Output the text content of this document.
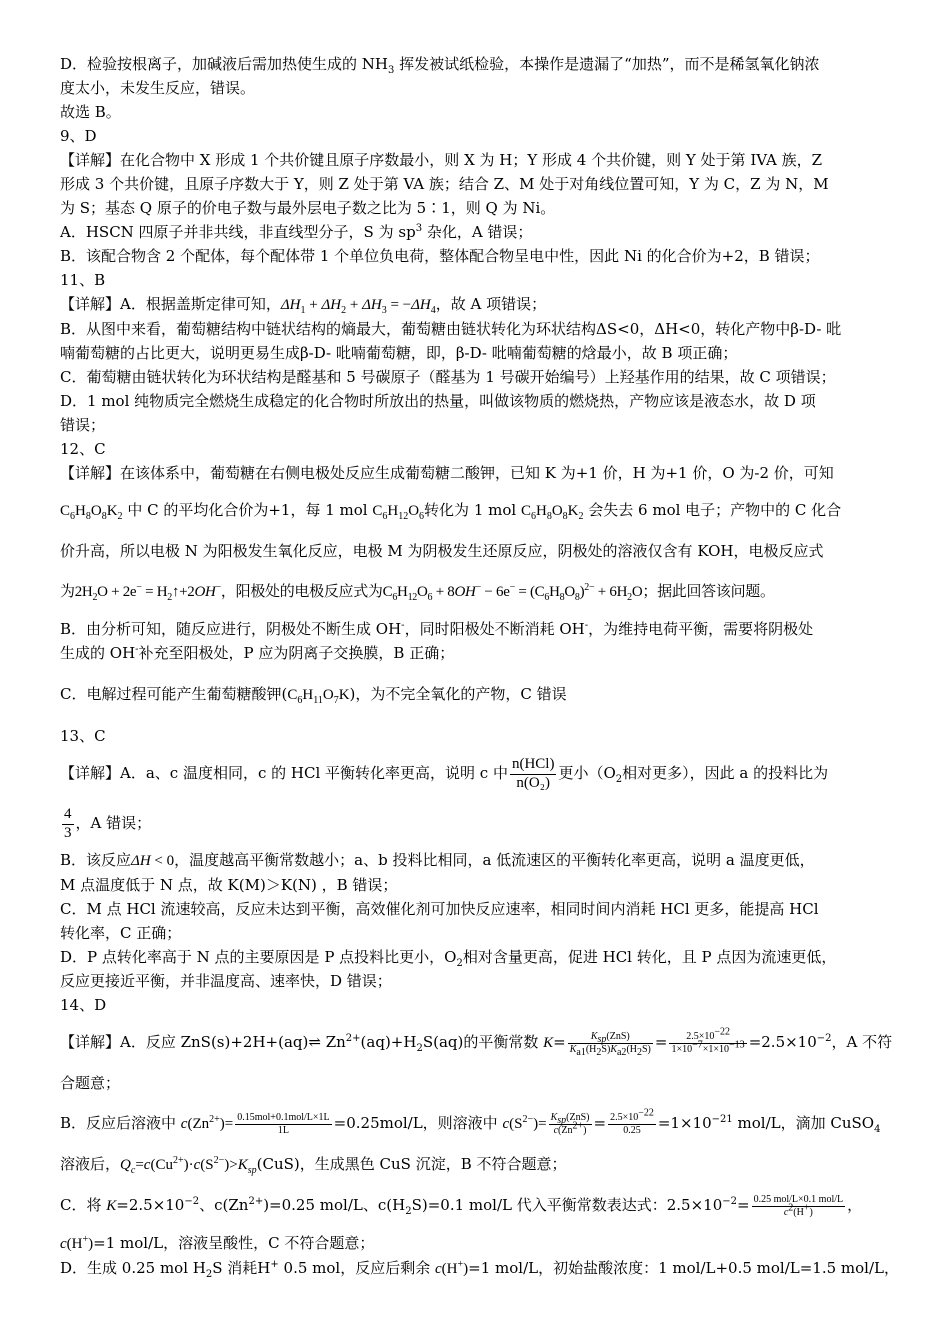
D．检验按根离子，加碱液后需加热使生成的 $NH_3$ 挥发被试纸检验，本操作是遗漏了“加热”，而不是稀氢氧化钠浓
度太小，未发生反应，错误。
故选 B。
9、D
【详解】在化合物中 X 形成 1 个共价键且原子序数最小，则 X 为 H；Y 形成 4 个共价键，则 Y 处于第 IVA 族，Z
形成 3 个共价键，且原子序数大于 Y，则 Z 处于第 VA 族；结合 Z、M 处于对角线位置可知，Y 为 C，Z 为 N，M
为 S；基态 Q 原子的价电子数与最外层电子数之比为 5∶1，则 Q 为 Ni。
A．HSCN 四原子并非共线，非直线型分子，S 为 $sp^3$ 杂化，A 错误；
B．该配合物含 2 个配体，每个配体带 1 个单位负电荷，整体配合物呈电中性，因此 Ni 的化合价为+2，B 错误；
11、B
【详解】A．根据盖斯定律可知，$\Delta H_1 + \Delta H_2 + \Delta H_3 = -\Delta H_4$，故 A 项错误；
B．从图中来看，葡萄糖结构中链状结构的熵最大，葡萄糖由链状转化为环状结构ΔS<0，ΔH<0，转化产物中β-D- 吡
喃葡萄糖的占比更大，说明更易生成β-D- 吡喃葡萄糖，即，β-D- 吡喃葡萄糖的焓最小，故 B 项正确；
C．葡萄糖由链状转化为环状结构是醛基和 5 号碳原子（醛基为 1 号碳开始编号）上羟基作用的结果，故 C 项错误；
D．1 mol 纯物质完全燃烧生成稳定的化合物时所放出的热量，叫做该物质的燃烧热，产物应该是液态水，故 D 项
错误；
12、C
【详解】在该体系中，葡萄糖在右侧电极处反应生成葡萄糖二酸钾，已知 K 为+1 价，H 为+1 价，O 为-2 价，可知
$C_6H_8O_8K_2$ 中 C 的平均化合价为+1，每 1 mol $C_6H_{12}O_6$转化为 1 mol $C_6H_8O_8K_2$ 会失去 6 mol 电子；产物中的 C 化合
价升高，所以电极 N 为阳极发生氧化反应，电极 M 为阴极发生还原反应，阴极处的溶液仅含有 KOH，电极反应式
为$2H_2O + 2e^-$ = $H_2↑+2OH^-$，阳极处的电极反应式为$C_6H_{12}O_6 + 8OH^- - 6e^- = (C_6H_8O_8)^{2-} + 6H_2O$；据此回答该问题。
B．由分析可知，随反应进行，阴极处不断生成 OH-，同时阳极处不断消耗 OH-，为维持电荷平衡，需要将阴极处
生成的 OH-补充至阳极处，P 应为阴离子交换膜，B 正确；
C．电解过程可能产生葡萄糖酸钾$(C_6H_{11}O_7K)$，为不完全氧化的产物，C 错误
13、C
【详解】A．a、c 温度相同，c 的 HCl 平衡转化率更高，说明 c 中 $\frac{\text{n(HCl)}}{\text{n(O₂)}}$ 更小（$O_2$相对更多），因此 a 的投料比为
$\frac{4}{3}$ ，A 错误；
B．该反应ΔH < 0，温度越高平衡常数越小；a、b 投料比相同，a 低流速区的平衡转化率更高，说明 a 温度更低，
M 点温度低于 N 点，故 K(M)＞K(N) ，B 错误；
C．M 点 HCl 流速较高，反应未达到平衡，高效催化剂可加快反应速率，相同时间内消耗 HCl 更多，能提高 HCl
转化率，C 正确；
D．P 点转化率高于 N 点的主要原因是 P 点投料比更小，$O_2$相对含量更高，促进 HCl 转化，且 P 点因为流速更低，
反应更接近平衡，并非温度高、速率快，D 错误；
14、D
【详解】A．反应 ZnS(s)+2H+(aq)⇌ $Zn^{2+}(aq)+H_2S(aq)$的平衡常数 $K= \frac{K_{sp}(ZnS)}{K_{a1}(H_2S)K_{a2}(H_2S)} = \frac{2.5\times 10^{-22}}{1\times 10^{-7}\times 1\times 10^{-13}} =2.5\times 10^{-2}$，A 不符
合题意；
B．反应后溶液中 $c(Zn^{2+})= \frac{\text{0.15mol+0.1mol/L×1L}}{1L} =0.25mol/L$，则溶液中 $c(S^{2-})= \frac{K_{sp}(ZnS)}{c(Zn^{2+})} = \frac{2.5\times 10^{-22}}{0.25} =1\times 10^{-21}$ mol/L，滴加 CuSO$_4$
溶液后，$Q_c=c(Cu^{2+})\cdot c(S^{2-})>K_{sp}(CuS)$，生成黑色 CuS 沉淀，B 不符合题意；
C．将 $K=2.5\times 10^{-2}$、$c(Zn^{2+})=0.25$ mol/L、$c(H_2S)=0.1$ mol/L 代入平衡常数表达式：$2.5\times 10^{-2}= \frac{\text{0.25 mol/L×0.1 mol/L}}{c^2(H^+)}$ ，
c(H+)=1 mol/L，溶液呈酸性，C 不符合题意；
D．生成 0.25 mol $H_2S$ 消耗H+ 0.5 mol，反应后剩余 c(H+)=1 mol/L，初始盐酸浓度：1 mol/L+0.5 mol/L=1.5 mol/L，
